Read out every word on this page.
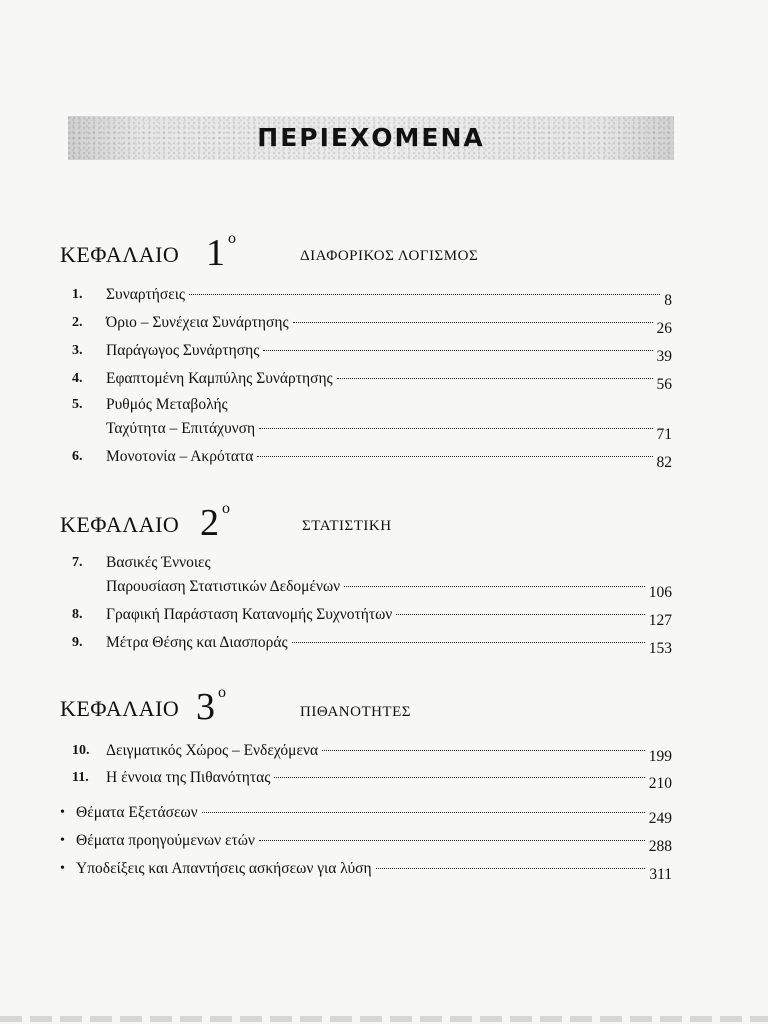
ΠΕΡΙΕΧΟΜΕΝΑ
ΚΕΦΑΛΑΙΟ 1 ο
ΔΙΑΦΟΡΙΚΟΣ ΛΟΓΙΣΜΟΣ
1.	Συναρτήσεις	8
2.	Όριο – Συνέχεια Συνάρτησης	26
3.	Παράγωγος Συνάρτησης	39
4.	Εφαπτομένη Καμπύλης Συνάρτησης	56
5.	Ρυθμός Μεταβολής
Ταχύτητα – Επιτάχυνση	71
6.	Μονοτονία – Ακρότατα	82
ΚΕΦΑΛΑΙΟ 2 ο
ΣΤΑΤΙΣΤΙΚΗ
7.	Βασικές Έννοιες
Παρουσίαση Στατιστικών Δεδομένων	106
8.	Γραφική Παράσταση Κατανομής Συχνοτήτων	127
9.	Μέτρα Θέσης και Διασποράς	153
ΚΕΦΑΛΑΙΟ 3 ο
ΠΙΘΑΝΟΤΗΤΕΣ
10.	Δειγματικός Χώρος – Ενδεχόμενα	199
11.	Η έννοια της Πιθανότητας	210
• Θέματα Εξετάσεων	249
• Θέματα προηγούμενων ετών	288
• Υποδείξεις και Απαντήσεις ασκήσεων για λύση	311
